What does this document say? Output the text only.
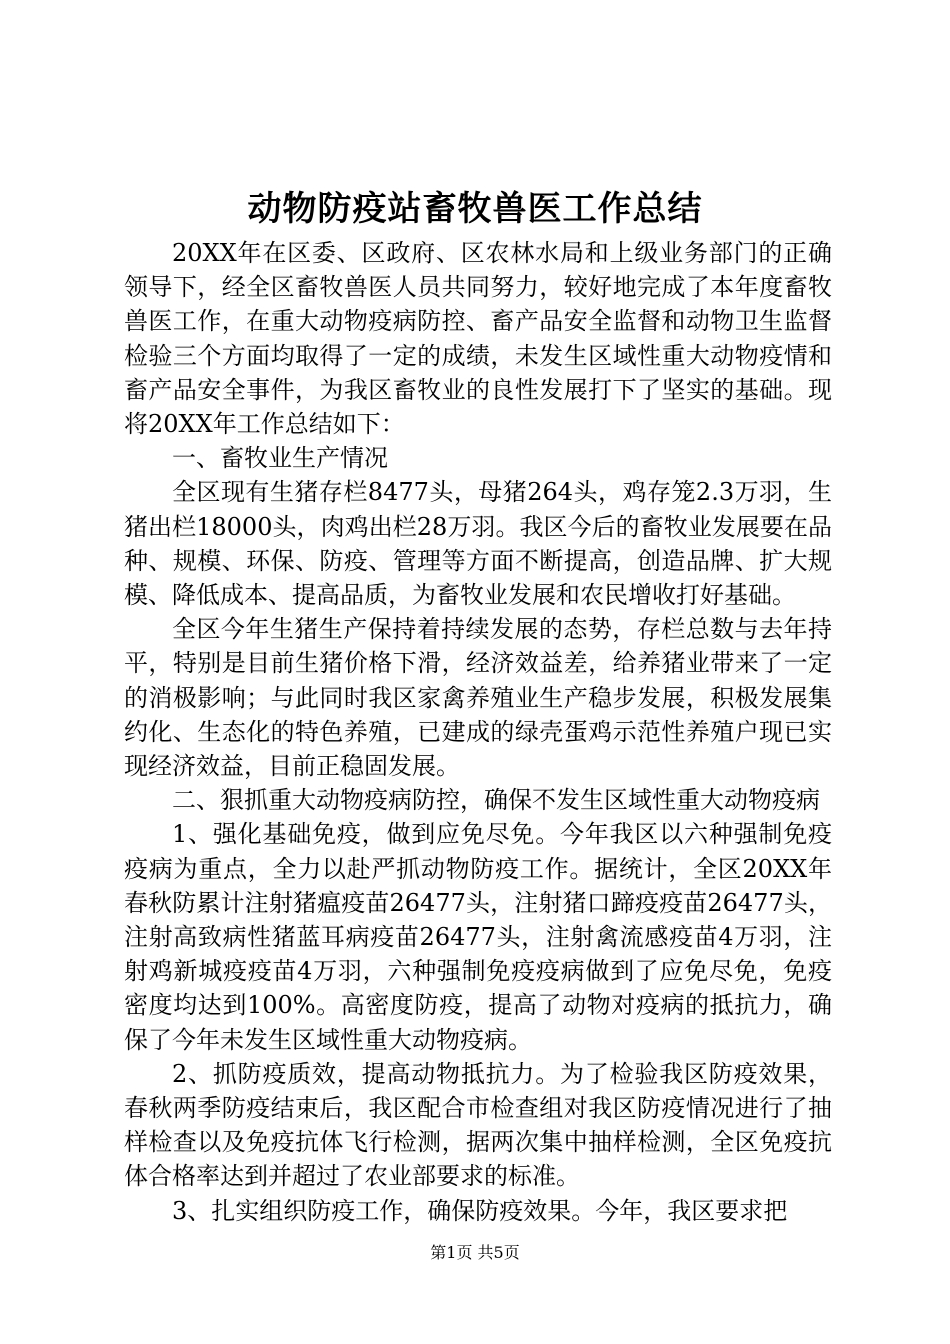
动物防疫站畜牧兽医工作总结

20XX年在区委、区政府、区农林水局和上级业务部门的正确领导下，经全区畜牧兽医人员共同努力，较好地完成了本年度畜牧兽医工作，在重大动物疫病防控、畜产品安全监督和动物卫生监督检验三个方面均取得了一定的成绩，未发生区域性重大动物疫情和畜产品安全事件，为我区畜牧业的良性发展打下了坚实的基础。现将20XX年工作总结如下：

一、畜牧业生产情况

全区现有生猪存栏8477头，母猪264头，鸡存笼2.3万羽，生猪出栏18000头，肉鸡出栏28万羽。我区今后的畜牧业发展要在品种、规模、环保、防疫、管理等方面不断提高，创造品牌、扩大规模、降低成本、提高品质，为畜牧业发展和农民增收打好基础。

全区今年生猪生产保持着持续发展的态势，存栏总数与去年持平，特别是目前生猪价格下滑，经济效益差，给养猪业带来了一定的消极影响；与此同时我区家禽养殖业生产稳步发展，积极发展集约化、生态化的特色养殖，已建成的绿壳蛋鸡示范性养殖户现已实现经济效益，目前正稳固发展。

二、狠抓重大动物疫病防控，确保不发生区域性重大动物疫病

1、强化基础免疫，做到应免尽免。今年我区以六种强制免疫疫病为重点，全力以赴严抓动物防疫工作。据统计，全区20XX年春秋防累计注射猪瘟疫苗26477头，注射猪口蹄疫疫苗26477头，注射高致病性猪蓝耳病疫苗26477头，注射禽流感疫苗4万羽，注射鸡新城疫疫苗4万羽，六种强制免疫疫病做到了应免尽免，免疫密度均达到100%。高密度防疫，提高了动物对疫病的抵抗力，确保了今年未发生区域性重大动物疫病。

2、抓防疫质效，提高动物抵抗力。为了检验我区防疫效果，春秋两季防疫结束后，我区配合市检查组对我区防疫情况进行了抽样检查以及免疫抗体飞行检测，据两次集中抽样检测，全区免疫抗体合格率达到并超过了农业部要求的标准。

3、扎实组织防疫工作，确保防疫效果。今年，我区要求把

第1页 共5页
